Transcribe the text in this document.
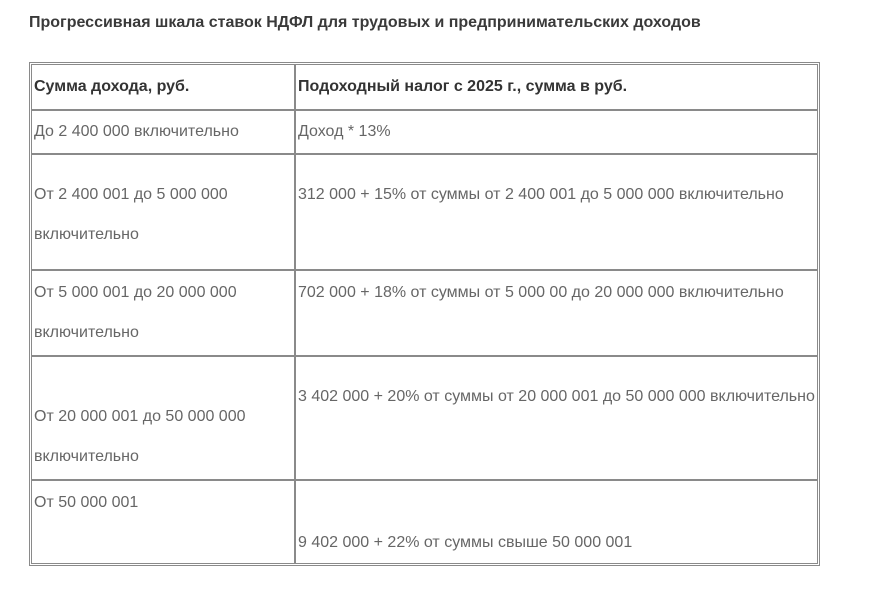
Прогрессивная шкала ставок НДФЛ для трудовых и предпринимательских доходов
Сумма дохода, руб.	Подоходный налог с 2025 г., сумма в руб.
До 2 400 000 включительно	Доход * 13%
От 2 400 001 до 5 000 000 включительно	312 000 + 15% от суммы от 2 400 001 до 5 000 000 включительно
От 5 000 001 до 20 000 000 включительно	702 000 + 18% от суммы от 5 000 00 до 20 000 000 включительно
От 20 000 001 до 50 000 000 включительно	3 402 000 + 20% от суммы от 20 000 001 до 50 000 000 включительно
От 50 000 001	9 402 000 + 22% от суммы свыше 50 000 001
